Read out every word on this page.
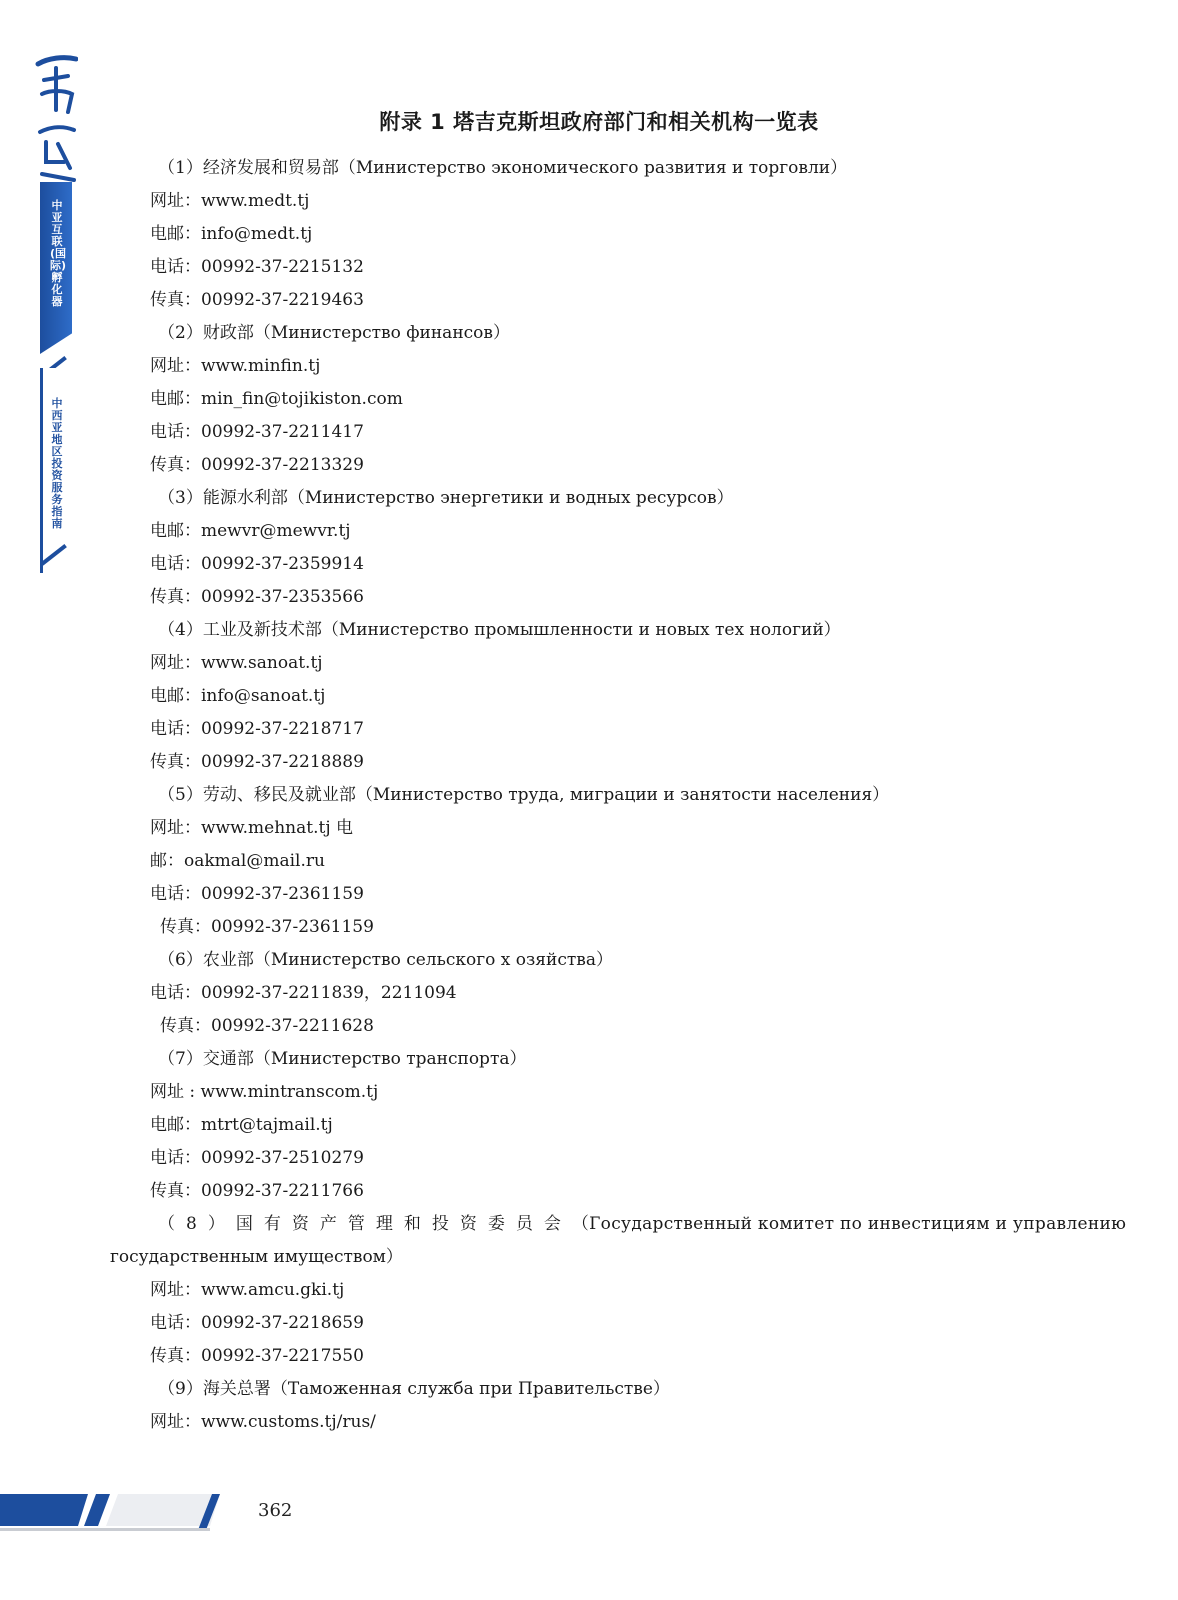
中亚互联(国际)孵化器
中西亚地区投资服务指南
附录 1 塔吉克斯坦政府部门和相关机构一览表
（1）经济发展和贸易部（Министерство экономического развития и торговли）
网址：www.medt.tj
电邮：info@medt.tj
电话：00992-37-2215132
传真：00992-37-2219463
（2）财政部（Министерство финансов）
网址：www.minfin.tj
电邮：min_fin@tojikiston.com
电话：00992-37-2211417
传真：00992-37-2213329
（3）能源水利部（Министерство энергетики и водных ресурсов）
电邮：mewvr@mewvr.tj
电话：00992-37-2359914
传真：00992-37-2353566
（4）工业及新技术部（Министерство промышленности и новых тех нологий）
网址：www.sanoat.tj
电邮：info@sanoat.tj
电话：00992-37-2218717
传真：00992-37-2218889
（5）劳动、移民及就业部（Министерство труда, миграции и занятости населения）
网址：www.mehnat.tj 电
邮：oakmal@mail.ru
电话：00992-37-2361159
传真：00992-37-2361159
（6）农业部（Министерство сельского х озяйства）
电话：00992-37-2211839，2211094
传真：00992-37-2211628
（7）交通部（Министерство транспорта）
网址 : www.mintranscom.tj
电邮：mtrt@tajmail.tj
电话：00992-37-2510279
传真：00992-37-2211766
（8）国有资产管理和投资委员会（Государственный комитет по инвестициям и управлению
государственным имуществом）
网址：www.amcu.gki.tj
电话：00992-37-2218659
传真：00992-37-2217550
（9）海关总署（Таможенная служба при Правительстве）
网址：www.customs.tj/rus/
362
